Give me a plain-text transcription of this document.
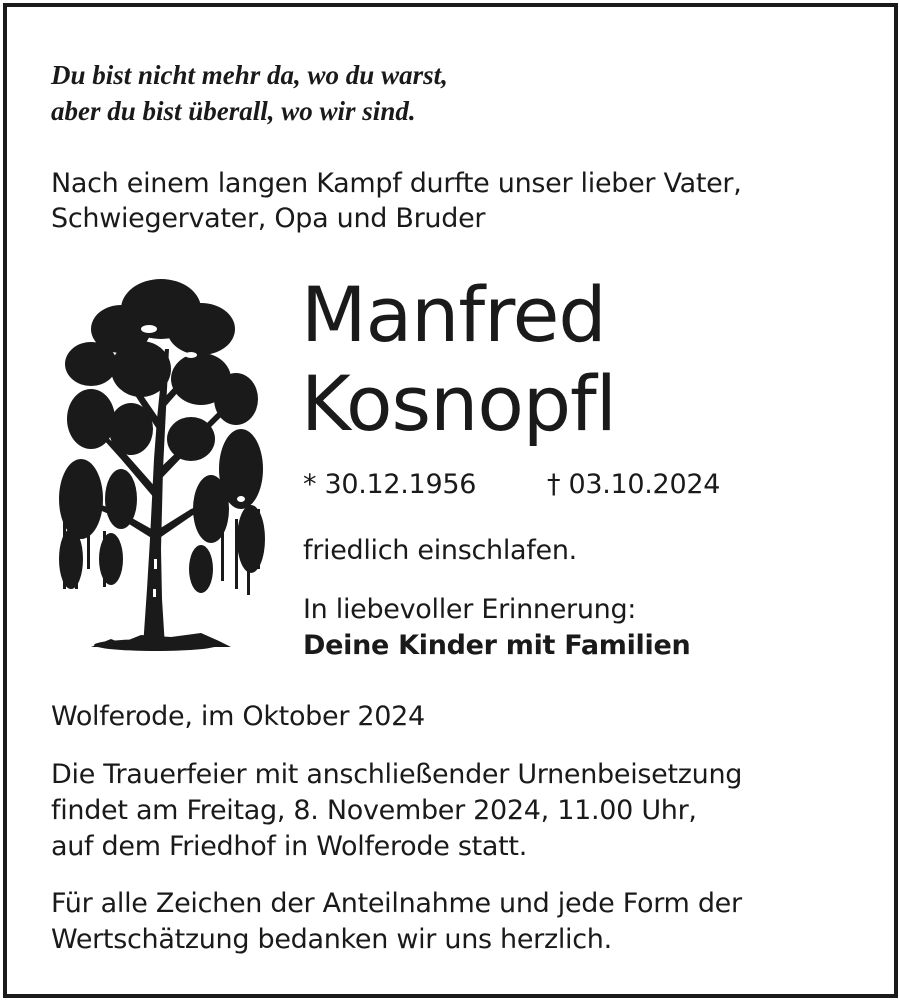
Du bist nicht mehr da, wo du warst,

aber du bist überall, wo wir sind.

Nach einem langen Kampf durfte unser lieber Vater,

Schwiegervater, Opa und Bruder

Manfred

Kosnopfl

* 30.12.1956	† 03.10.2024

friedlich einschlafen.

In liebevoller Erinnerung:

Deine Kinder mit Familien

Wolferode, im Oktober 2024

Die Trauerfeier mit anschließender Urnenbeisetzung

findet am Freitag, 8. November 2024, 11.00 Uhr,

auf dem Friedhof in Wolferode statt.

Für alle Zeichen der Anteilnahme und jede Form der

Wertschätzung bedanken wir uns herzlich.
